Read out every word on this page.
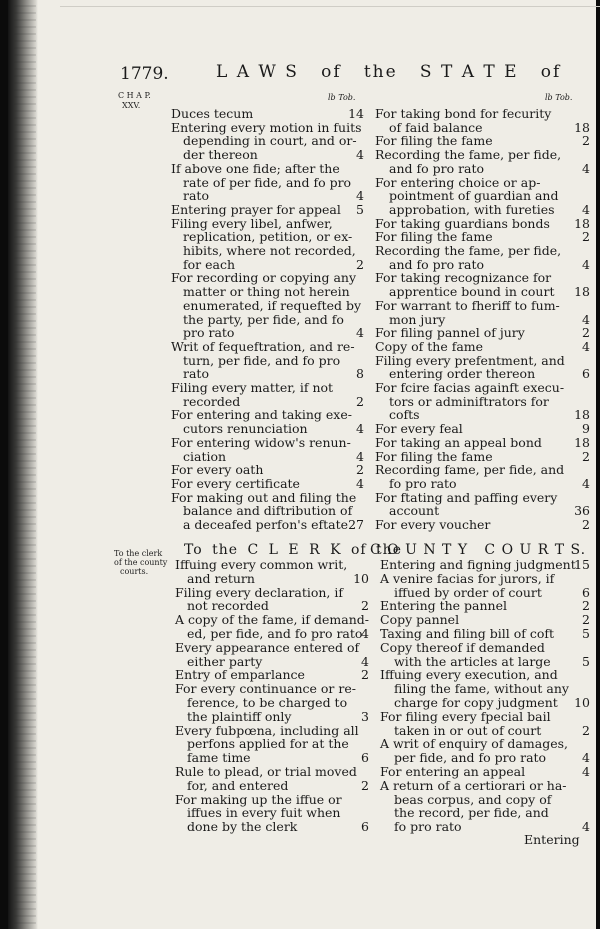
1779.	L A W S   of   the   S T A T E   of
C H A P.
XXV.
lb Tob.	lb Tob.
Duces tecum	14
Entering every motion in fuits
depending in court, and or-
der thereon	4
If above one fide; after the
rate of per fide, and fo pro
rato	4
Entering prayer for appeal	5
Filing every libel, anfwer,
replication, petition, or ex-
hibits, where not recorded,
for each	2
For recording or copying any
matter or thing not herein
enumerated, if requefted by
the party, per fide, and fo
pro rato	4
Writ of fequeftration, and re-
turn, per fide, and fo pro
rato	8
Filing every matter, if not
recorded	2
For entering and taking exe-
cutors renunciation	4
For entering widow's renun-
ciation	4
For every oath	2
For every certificate	4
For making out and filing the
balance and diftribution of
a deceafed perfon's eftate 27
For taking bond for fecurity
of faid balance	18
For filing the fame	2
Recording the fame, per fide,
and fo pro rato	4
For entering choice or ap-
pointment of guardian and
approbation, with fureties	4
For taking guardians bonds	18
For filing the fame	2
Recording the fame, per fide,
and fo pro rato	4
For taking recognizance for
apprentice bound in court	18
For warrant to fheriff to fum-
mon jury	4
For filing pannel of jury	2
Copy of the fame	4
Filing every prefentment, and
entering order thereon	6
For fcire facias againft execu-
tors or adminiftrators for
cofts	18
For every feal	9
For taking an appeal bond	18
For filing the fame	2
Recording fame, per fide, and
fo pro rato	4
For ftating and paffing every
account	36
For every voucher	2
To the clerk
of the county
courts.
To the C L E R K of the
C O U N T Y   C O U R T S.
Iffuing every common writ,
and return	10
Filing every declaration, if
not recorded	2
A copy of the fame, if demand-
ed, per fide, and fo pro rato
4
Every appearance entered of
either party	4
Entry of emparlance	2
For every continuance or re-
ference, to be charged to
the plaintiff only	3
Every fubpœna, including all
perfons applied for at the
fame time	6
Rule to plead, or trial moved
for, and entered	2
For making up the iffue or
iffues in every fuit when
done by the clerk	6
Entering and figning judgment
15
A venire facias for jurors, if
iffued by order of court	6
Entering the pannel	2
Copy pannel	2
Taxing and filing bill of coft	5
Copy thereof if demanded
with the articles at large	5
Iffuing every execution, and
filing the fame, without any
charge for copy judgment	10
For filing every fpecial bail
taken in or out of court	2
A writ of enquiry of damages,
per fide, and fo pro rato	4
For entering an appeal	4
A return of a certiorari or ha-
beas corpus, and copy of
the record, per fide, and
fo pro rato	4
Entering
